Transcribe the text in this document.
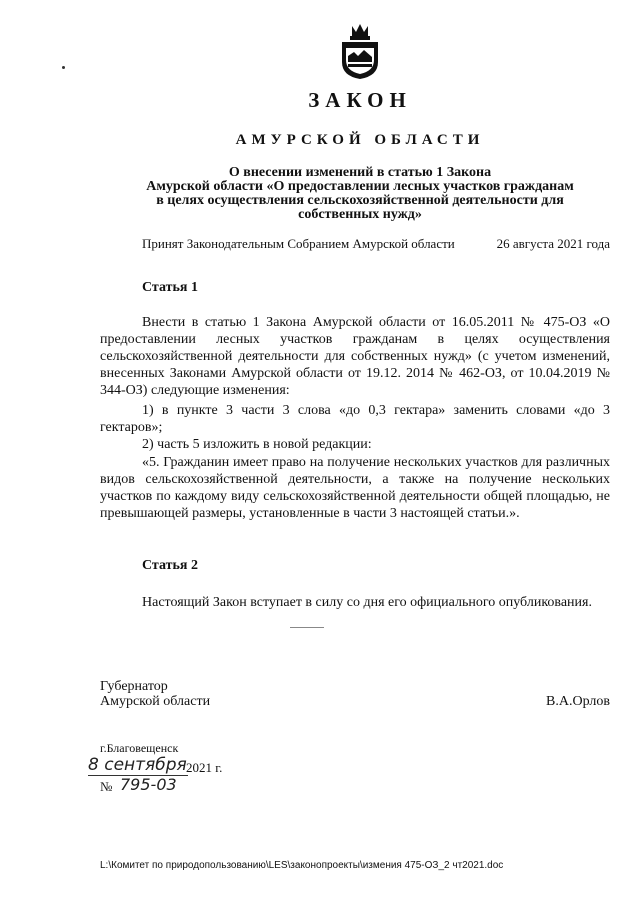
ЗАКОН
АМУРСКОЙ ОБЛАСТИ
О внесении изменений в статью 1 Закона
Амурской области «О предоставлении лесных участков гражданам
в целях осуществления сельскохозяйственной деятельности для
собственных нужд»
Принят Законодательным Собранием Амурской области	26 августа 2021 года
Статья 1
Внести в статью 1 Закона Амурской области от 16.05.2011 № 475-ОЗ «О предоставлении лесных участков гражданам в целях осуществления сельскохозяйственной деятельности для собственных нужд» (с учетом изменений, внесенных Законами Амурской области от 19.12. 2014 № 462-ОЗ, от 10.04.2019 № 344-ОЗ) следующие изменения:
1) в пункте 3 части 3 слова «до 0,3 гектара» заменить словами «до 3 гектаров»;
2) часть 5 изложить в новой редакции:
«5. Гражданин имеет право на получение нескольких участков для различных видов сельскохозяйственной деятельности, а также на получение нескольких участков по каждому виду сельскохозяйственной деятельности общей площадью, не превышающей размеры, установленные в части 3 настоящей статьи.».
Статья 2
Настоящий Закон вступает в силу со дня его официального опубликования.
Губернатор
Амурской области	В.А.Орлов
г.Благовещенск
8 сентября 2021 г.
№ 795-03
L:\Комитет по природопользованию\LES\законопроекты\измения 475-ОЗ_2 чт2021.doc
